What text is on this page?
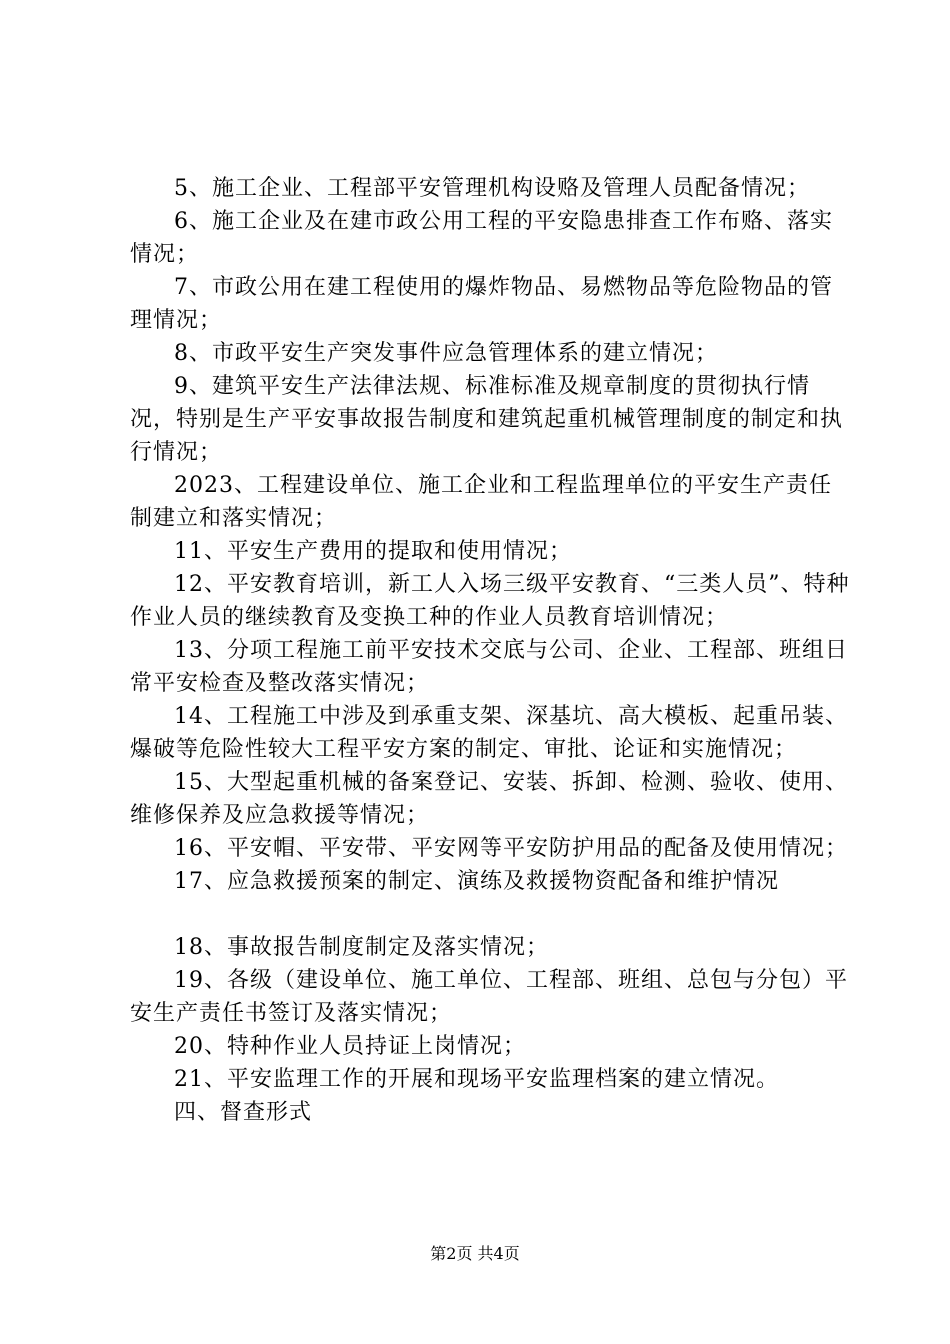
5、施工企业、工程部平安管理机构设赂及管理人员配备情况；

6、施工企业及在建市政公用工程的平安隐患排查工作布赂、落实情况；

7、市政公用在建工程使用的爆炸物品、易燃物品等危险物品的管理情况；

8、市政平安生产突发事件应急管理体系的建立情况；

9、建筑平安生产法律法规、标准标准及规章制度的贯彻执行情况，特别是生产平安事故报告制度和建筑起重机械管理制度的制定和执行情况；

2023、工程建设单位、施工企业和工程监理单位的平安生产责任制建立和落实情况；

11、平安生产费用的提取和使用情况；

12、平安教育培训，新工人入场三级平安教育、“三类人员”、特种作业人员的继续教育及变换工种的作业人员教育培训情况；

13、分项工程施工前平安技术交底与公司、企业、工程部、班组日常平安检查及整改落实情况；

14、工程施工中涉及到承重支架、深基坑、高大模板、起重吊装、爆破等危险性较大工程平安方案的制定、审批、论证和实施情况；

15、大型起重机械的备案登记、安装、拆卸、检测、验收、使用、维修保养及应急救援等情况；

16、平安帽、平安带、平安网等平安防护用品的配备及使用情况；

17、应急救援预案的制定、演练及救援物资配备和维护情况

18、事故报告制度制定及落实情况；

19、各级（建设单位、施工单位、工程部、班组、总包与分包）平安生产责任书签订及落实情况；

20、特种作业人员持证上岗情况；

21、平安监理工作的开展和现场平安监理档案的建立情况。

四、督查形式

第2页 共4页
